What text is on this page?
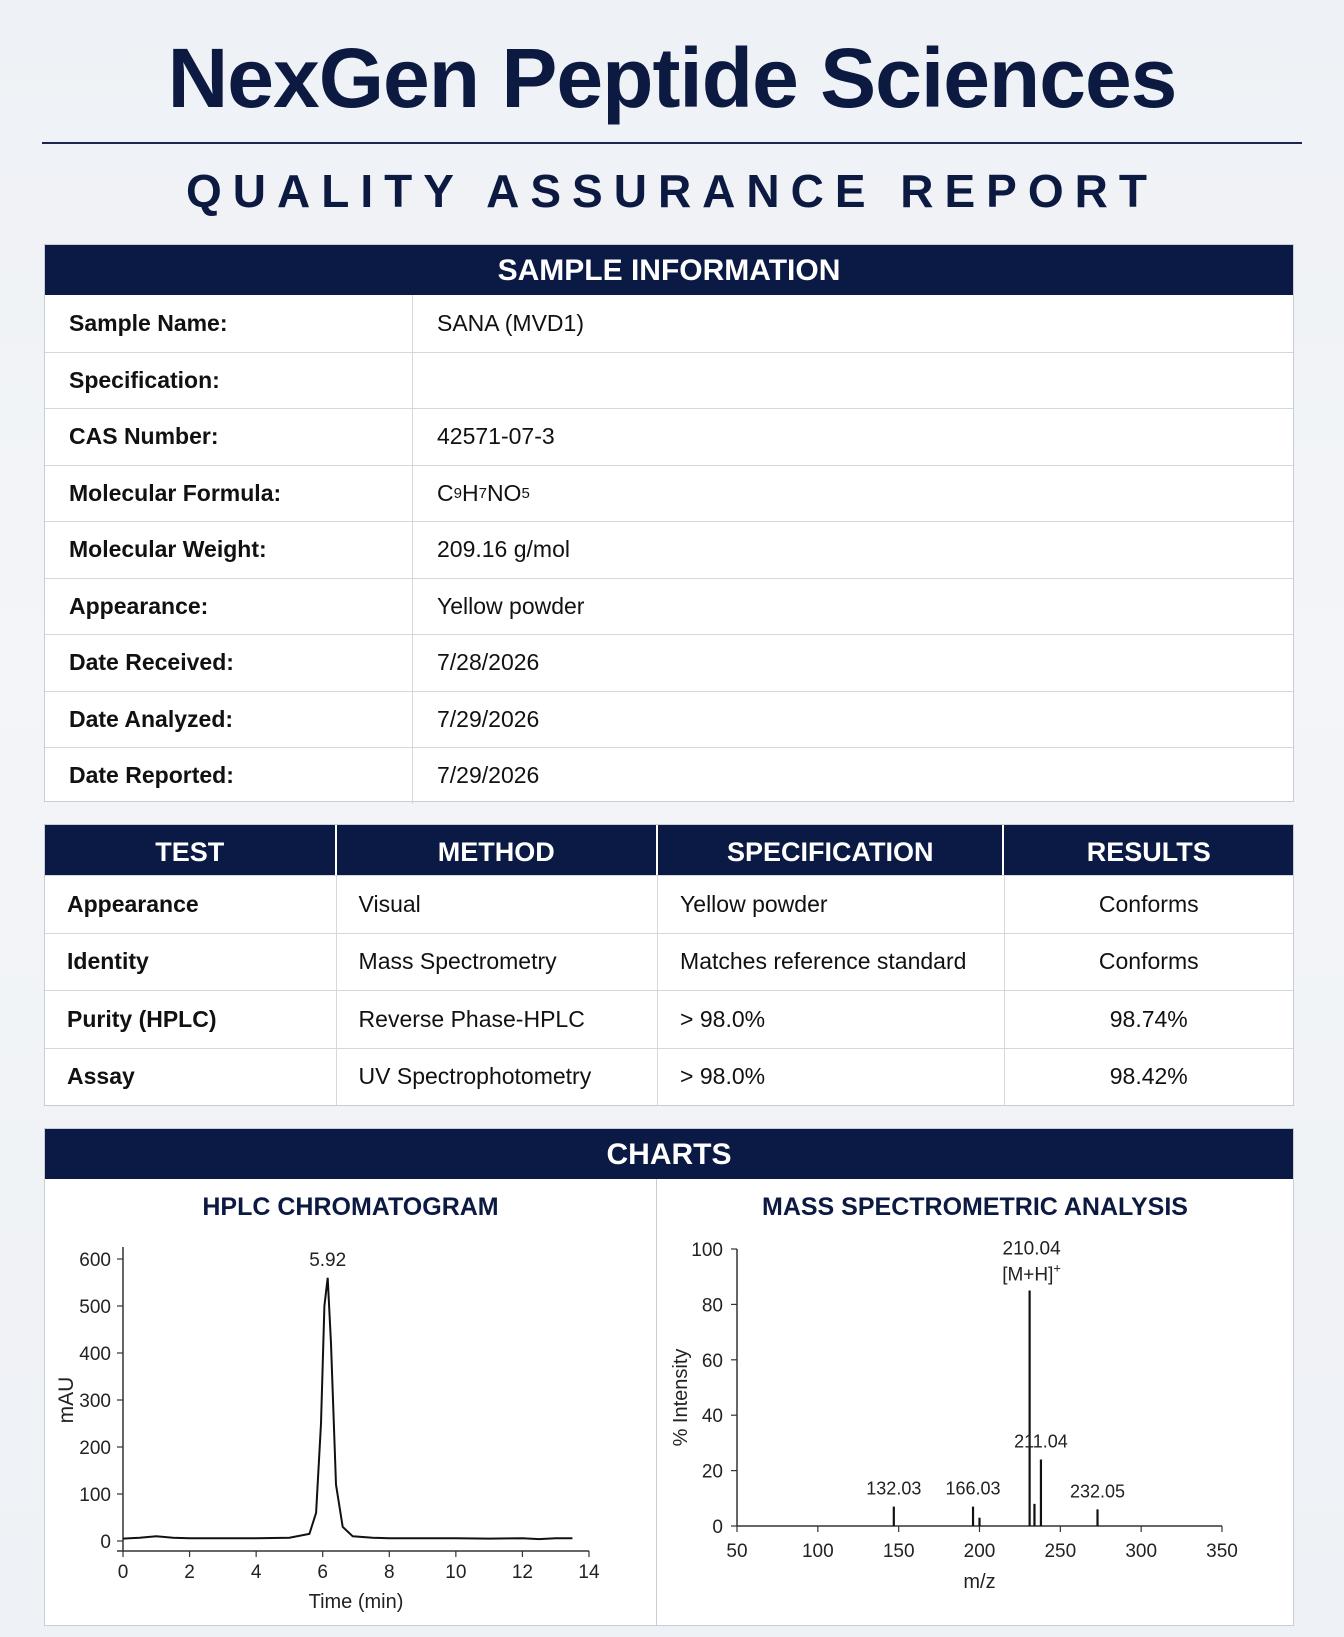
NexGen Peptide Sciences
QUALITY ASSURANCE REPORT
SAMPLE INFORMATION
Sample Name:	SANA (MVD1)
Specification:
CAS Number:	42571-07-3
Molecular Formula:	C 9 H 7 NO 5
Molecular Weight:	209.16 g/mol
Appearance:	Yellow powder
Date Received:	7/28/2026
Date Analyzed:	7/29/2026
Date Reported:	7/29/2026
TEST	METHOD	SPECIFICATION	RESULTS
Appearance	Visual	Yellow powder	Conforms
Identity	Mass Spectrometry	Matches reference standard	Conforms
Purity (HPLC)	Reverse Phase-HPLC	> 98.0%	98.74%
Assay	UV Spectrophotometry	> 98.0%	98.42%
CHARTS
HPLC CHROMATOGRAM	MASS SPECTROMETRIC ANALYSIS
0
100
200
300
400
500
600
0	2	4	6	8	10 12 14
Time (min)
mAU
5.92
0
20
40
60
80
100
50	100	150	200	250	300	350
m/z
% Intensity
132.03 166.03
210.04
[M+H]+
211.04
232.05
